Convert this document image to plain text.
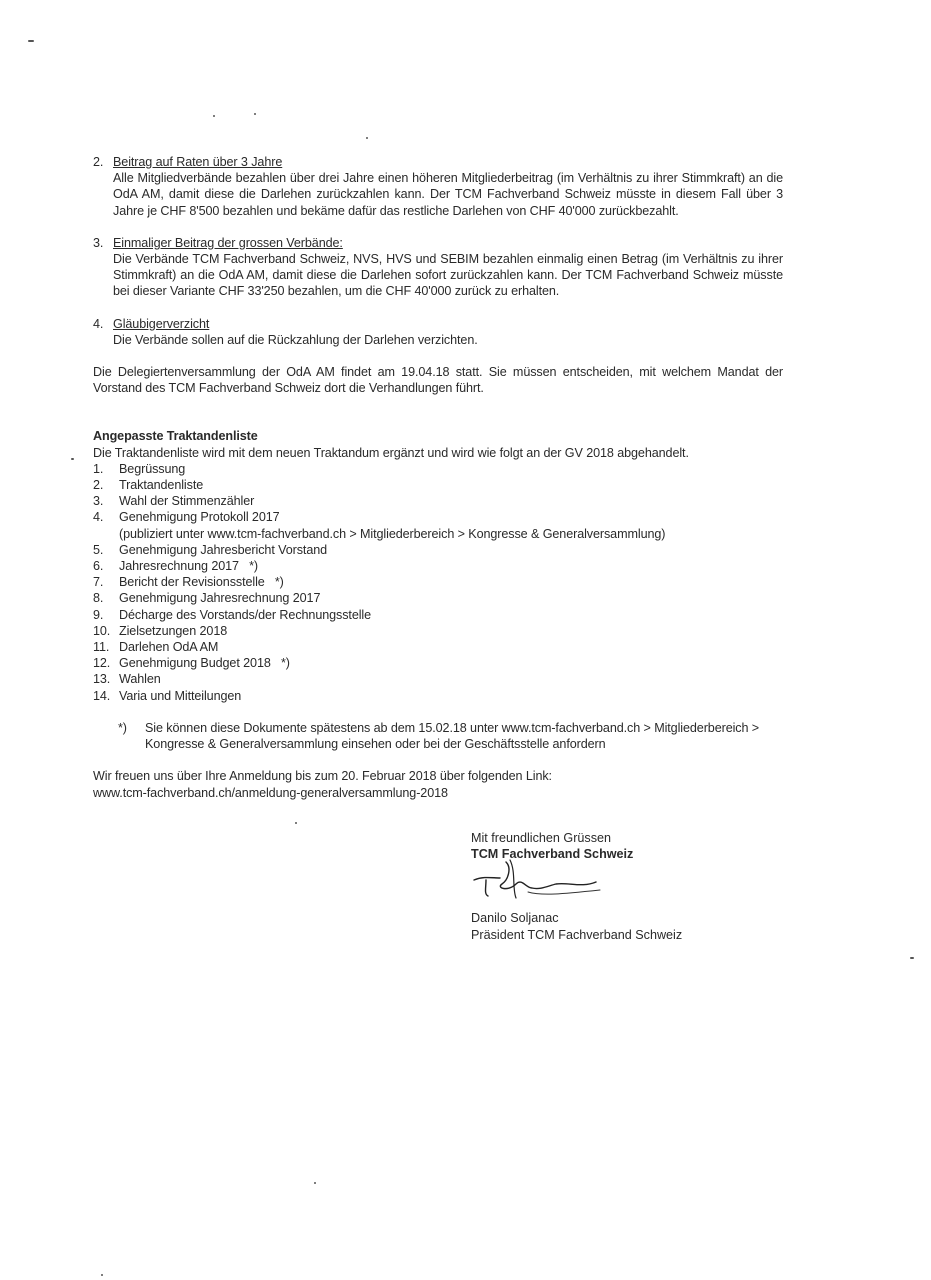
2. Beitrag auf Raten über 3 Jahre
Alle Mitgliedverbände bezahlen über drei Jahre einen höheren Mitgliederbeitrag (im Verhältnis zu ihrer Stimmkraft) an die OdA AM, damit diese die Darlehen zurückzahlen kann. Der TCM Fachverband Schweiz müsste in diesem Fall über 3 Jahre je CHF 8'500 bezahlen und bekäme dafür das restliche Darlehen von CHF 40'000 zurückbezahlt.
3. Einmaliger Beitrag der grossen Verbände:
Die Verbände TCM Fachverband Schweiz, NVS, HVS und SEBIM bezahlen einmalig einen Betrag (im Verhältnis zu ihrer Stimmkraft) an die OdA AM, damit diese die Darlehen sofort zurückzahlen kann. Der TCM Fachverband Schweiz müsste bei dieser Variante CHF 33'250 bezahlen, um die CHF 40'000 zurück zu erhalten.
4. Gläubigerverzicht
Die Verbände sollen auf die Rückzahlung der Darlehen verzichten.
Die Delegiertenversammlung der OdA AM findet am 19.04.18 statt. Sie müssen entscheiden, mit welchem Mandat der Vorstand des TCM Fachverband Schweiz dort die Verhandlungen führt.
Angepasste Traktandenliste
Die Traktandenliste wird mit dem neuen Traktandum ergänzt und wird wie folgt an der GV 2018 abgehandelt.
1. Begrüssung
2. Traktandenliste
3. Wahl der Stimmenzähler
4. Genehmigung Protokoll 2017
(publiziert unter www.tcm-fachverband.ch > Mitgliederbereich > Kongresse & Generalversammlung)
5. Genehmigung Jahresbericht Vorstand
6. Jahresrechnung 2017   *)
7. Bericht der Revisionsstelle   *)
8. Genehmigung Jahresrechnung 2017
9. Décharge des Vorstands/der Rechnungsstelle
10. Zielsetzungen 2018
11. Darlehen OdA AM
12. Genehmigung Budget 2018   *)
13. Wahlen
14. Varia und Mitteilungen
*) Sie können diese Dokumente spätestens ab dem 15.02.18 unter www.tcm-fachverband.ch > Mitgliederbereich > Kongresse & Generalversammlung einsehen oder bei der Geschäftsstelle anfordern
Wir freuen uns über Ihre Anmeldung bis zum 20. Februar 2018 über folgenden Link:
www.tcm-fachverband.ch/anmeldung-generalversammlung-2018
Mit freundlichen Grüssen
TCM Fachverband Schweiz
Danilo Soljanac
Präsident TCM Fachverband Schweiz
